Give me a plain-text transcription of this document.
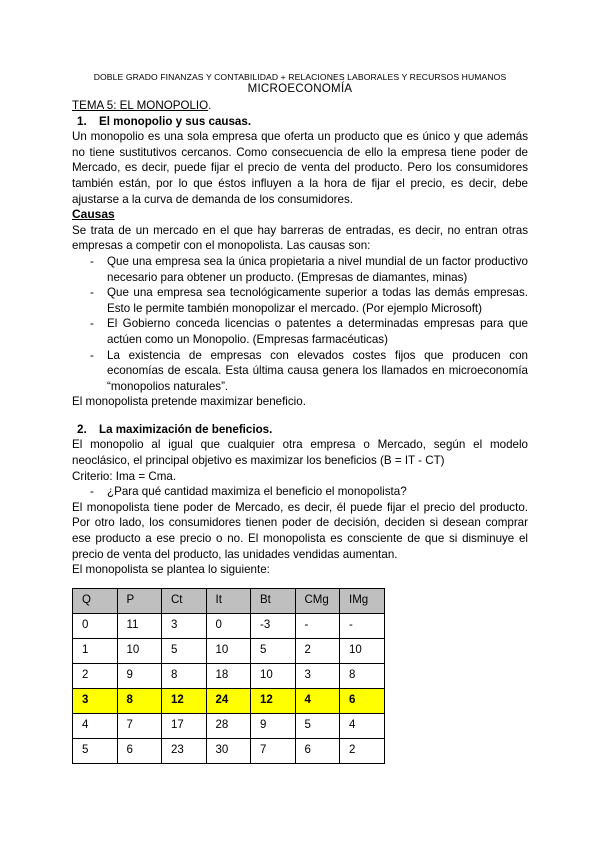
DOBLE GRADO FINANZAS Y CONTABILIDAD + RELACIONES LABORALES Y RECURSOS HUMANOS
MICROECONOMÍA

TEMA 5: EL MONOPOLIO.

1. El monopolio y sus causas.

Un monopolio es una sola empresa que oferta un producto que es único y que además no tiene sustitutivos cercanos. Como consecuencia de ello la empresa tiene poder de Mercado, es decir, puede fijar el precio de venta del producto. Pero los consumidores también están, por lo que éstos influyen a la hora de fijar el precio, es decir, debe ajustarse a la curva de demanda de los consumidores.

Causas

Se trata de un mercado en el que hay barreras de entradas, es decir, no entran otras empresas a competir con el monopolista. Las causas son:

- Que una empresa sea la única propietaria a nivel mundial de un factor productivo necesario para obtener un producto. (Empresas de diamantes, minas)
- Que una empresa sea tecnológicamente superior a todas las demás empresas. Esto le permite también monopolizar el mercado. (Por ejemplo Microsoft)
- El Gobierno conceda licencias o patentes a determinadas empresas para que actúen como un Monopolio. (Empresas farmacéuticas)
- La existencia de empresas con elevados costes fijos que producen con economías de escala. Esta última causa genera los llamados en microeconomía “monopolios naturales”.

El monopolista pretende maximizar beneficio.

2. La maximización de beneficios.

El monopolio al igual que cualquier otra empresa o Mercado, según el modelo neoclásico, el principal objetivo es maximizar los beneficios (B = IT - CT)

Criterio: Ima = Cma.

- ¿Para qué cantidad maximiza el beneficio el monopolista?

El monopolista tiene poder de Mercado, es decir, él puede fijar el precio del producto. Por otro lado, los consumidores tienen poder de decisión, deciden si desean comprar ese producto a ese precio o no. El monopolista es consciente de que si disminuye el precio de venta del producto, las unidades vendidas aumentan.

El monopolista se plantea lo siguiente:

Q	P	Ct	It	Bt	CMg	IMg
0	11	3	0	-3	-	-
1	10	5	10	5	2	10
2	9	8	18	10	3	8
3	8	12	24	12	4	6
4	7	17	28	9	5	4
5	6	23	30	7	6	2
